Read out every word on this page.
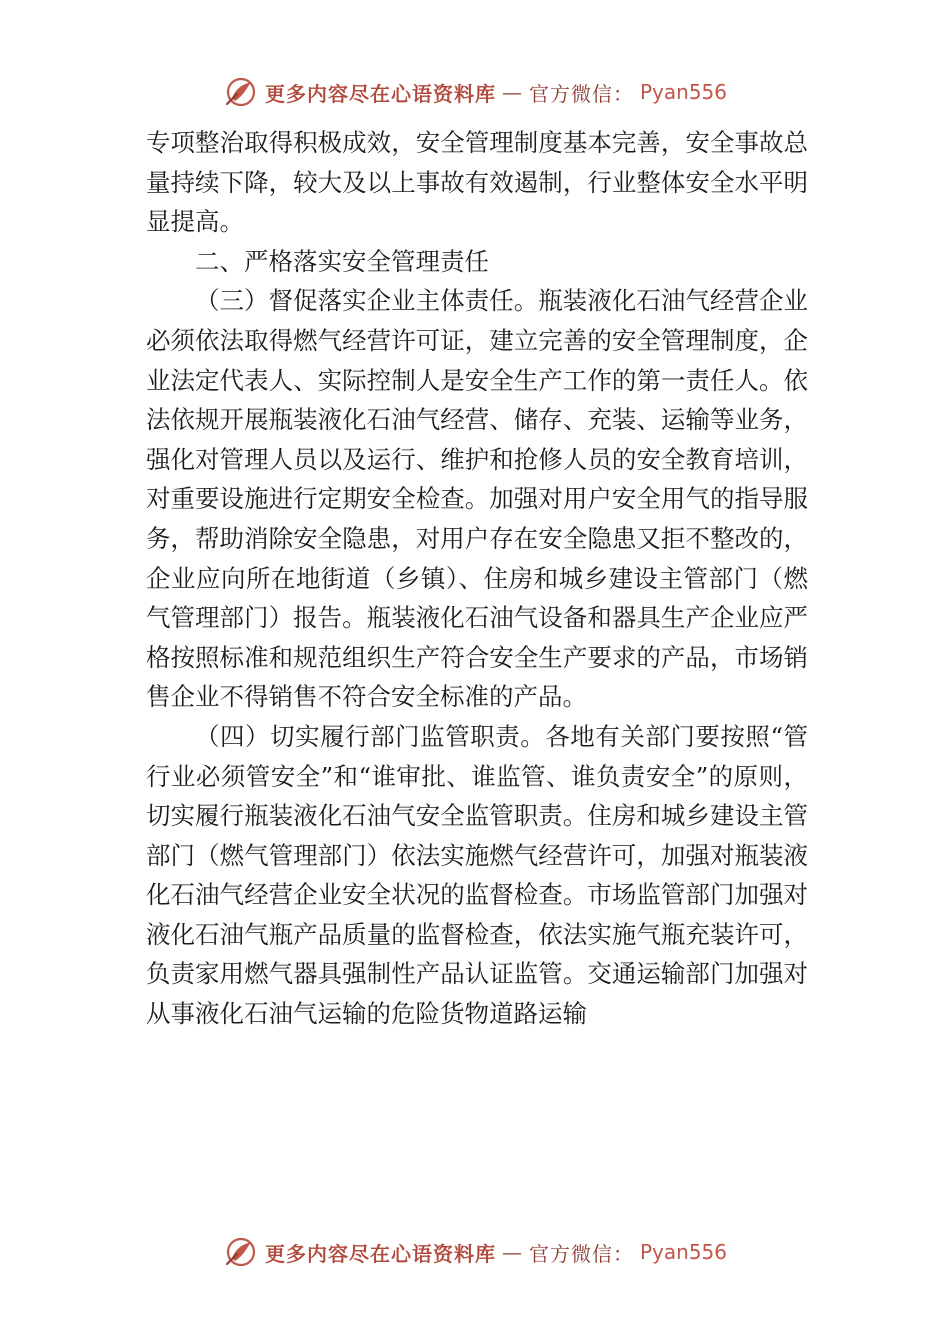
更多内容尽在心语资料库 — 官方微信： Pyan556

专项整治取得积极成效，安全管理制度基本完善，安全事故总量持续下降，较大及以上事故有效遏制，行业整体安全水平明显提高。

二、严格落实安全管理责任

（三）督促落实企业主体责任。瓶装液化石油气经营企业必须依法取得燃气经营许可证，建立完善的安全管理制度，企业法定代表人、实际控制人是安全生产工作的第一责任人。依法依规开展瓶装液化石油气经营、储存、充装、运输等业务，强化对管理人员以及运行、维护和抢修人员的安全教育培训，对重要设施进行定期安全检查。加强对用户安全用气的指导服务，帮助消除安全隐患，对用户存在安全隐患又拒不整改的，企业应向所在地街道（乡镇）、住房和城乡建设主管部门（燃气管理部门）报告。瓶装液化石油气设备和器具生产企业应严格按照标准和规范组织生产符合安全生产要求的产品，市场销售企业不得销售不符合安全标准的产品。

（四）切实履行部门监管职责。各地有关部门要按照“管行业必须管安全”和“谁审批、谁监管、谁负责安全”的原则，切实履行瓶装液化石油气安全监管职责。住房和城乡建设主管部门（燃气管理部门）依法实施燃气经营许可，加强对瓶装液化石油气经营企业安全状况的监督检查。市场监管部门加强对液化石油气瓶产品质量的监督检查，依法实施气瓶充装许可，负责家用燃气器具强制性产品认证监管。交通运输部门加强对从事液化石油气运输的危险货物道路运输

更多内容尽在心语资料库 — 官方微信： Pyan556
